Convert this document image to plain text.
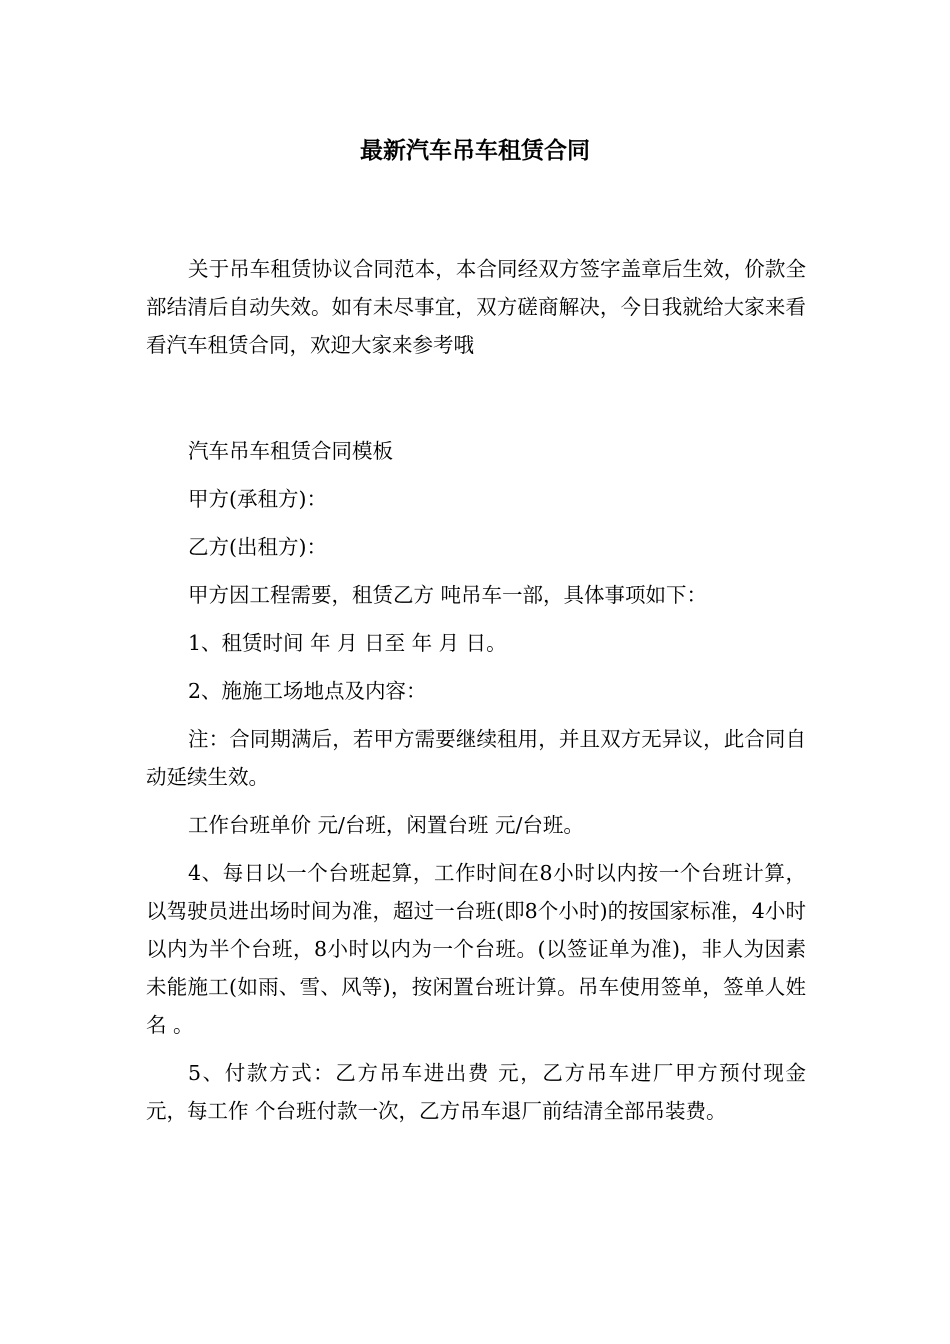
最新汽车吊车租赁合同

关于吊车租赁协议合同范本，本合同经双方签字盖章后生效，价款全部结清后自动失效。如有未尽事宜，双方磋商解决，今日我就给大家来看看汽车租赁合同，欢迎大家来参考哦

汽车吊车租赁合同模板

甲方(承租方)：

乙方(出租方)：

甲方因工程需要，租赁乙方 吨吊车一部，具体事项如下：

1、租赁时间 年 月 日至 年 月 日。

2、施施工场地点及内容：

注：合同期满后，若甲方需要继续租用，并且双方无异议，此合同自动延续生效。

工作台班单价 元/台班，闲置台班 元/台班。

4、每日以一个台班起算，工作时间在8小时以内按一个台班计算，以驾驶员进出场时间为准，超过一台班(即8个小时)的按国家标准，4小时以内为半个台班，8小时以内为一个台班。(以签证单为准)，非人为因素未能施工(如雨、雪、风等)，按闲置台班计算。吊车使用签单，签单人姓名 。

5、付款方式：乙方吊车进出费 元，乙方吊车进厂甲方预付现金 元，每工作 个台班付款一次，乙方吊车退厂前结清全部吊装费。
